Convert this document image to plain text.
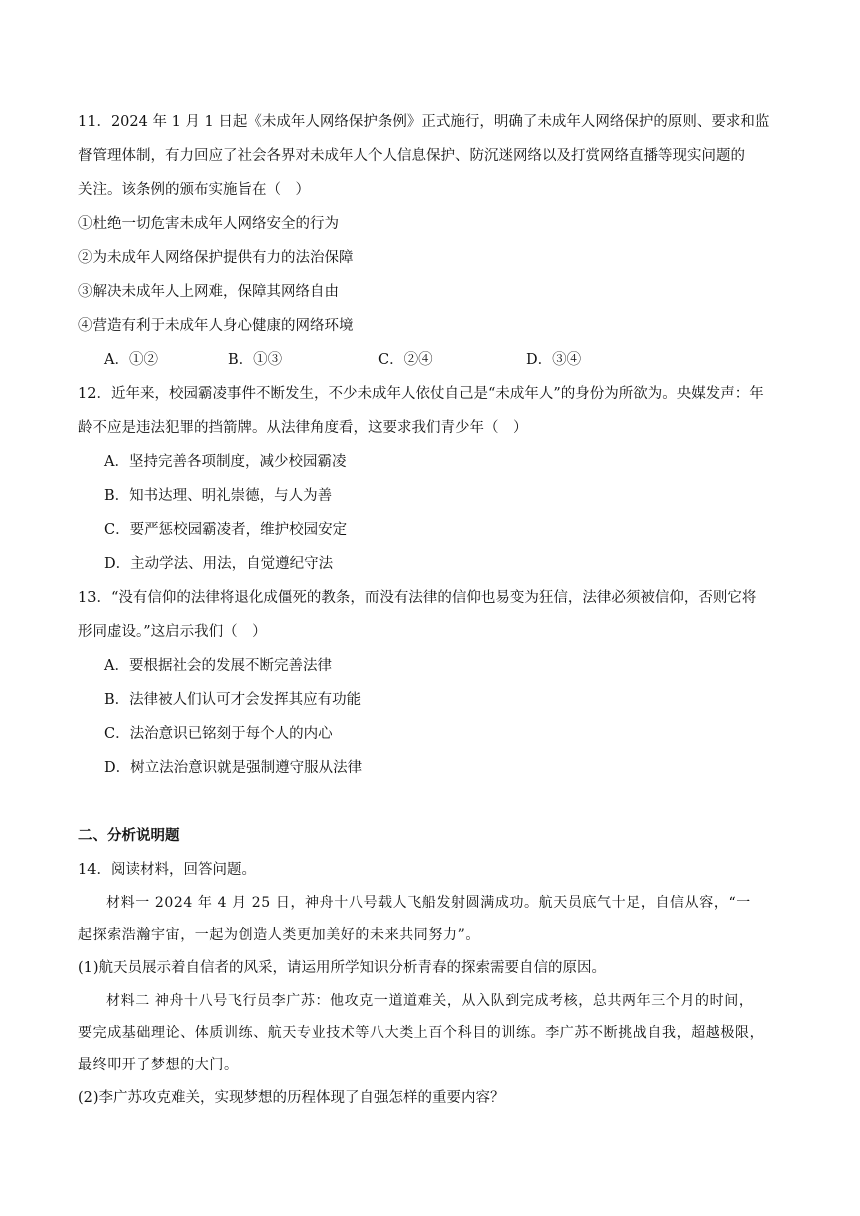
11．2024 年 1 月 1 日起《未成年人网络保护条例》正式施行，明确了未成年人网络保护的原则、要求和监
督管理体制，有力回应了社会各界对未成年人个人信息保护、防沉迷网络以及打赏网络直播等现实问题的
关注。该条例的颁布实施旨在（　）
①杜绝一切危害未成年人网络安全的行为
②为未成年人网络保护提供有力的法治保障
③解决未成年人上网难，保障其网络自由
④营造有利于未成年人身心健康的网络环境
A．①②	B．①③	C．②④	D．③④
12．近年来，校园霸凌事件不断发生，不少未成年人依仗自己是“未成年人”的身份为所欲为。央媒发声：年
龄不应是违法犯罪的挡箭牌。从法律角度看，这要求我们青少年（　）
A．坚持完善各项制度，减少校园霸凌
B．知书达理、明礼崇德，与人为善
C．要严惩校园霸凌者，维护校园安定
D．主动学法、用法，自觉遵纪守法
13．“没有信仰的法律将退化成僵死的教条，而没有法律的信仰也易变为狂信，法律必须被信仰，否则它将
形同虚设。”这启示我们（　）
A．要根据社会的发展不断完善法律
B．法律被人们认可才会发挥其应有功能
C．法治意识已铭刻于每个人的内心
D．树立法治意识就是强制遵守服从法律
二、分析说明题
14．阅读材料，回答问题。
材料一 2024 年 4 月 25 日，神舟十八号载人飞船发射圆满成功。航天员底气十足，自信从容，“一
起探索浩瀚宇宙，一起为创造人类更加美好的未来共同努力”。
(1)航天员展示着自信者的风采，请运用所学知识分析青春的探索需要自信的原因。
材料二 神舟十八号飞行员李广苏：他攻克一道道难关，从入队到完成考核，总共两年三个月的时间，
要完成基础理论、体质训练、航天专业技术等八大类上百个科目的训练。李广苏不断挑战自我，超越极限，
最终叩开了梦想的大门。
(2)李广苏攻克难关，实现梦想的历程体现了自强怎样的重要内容？
